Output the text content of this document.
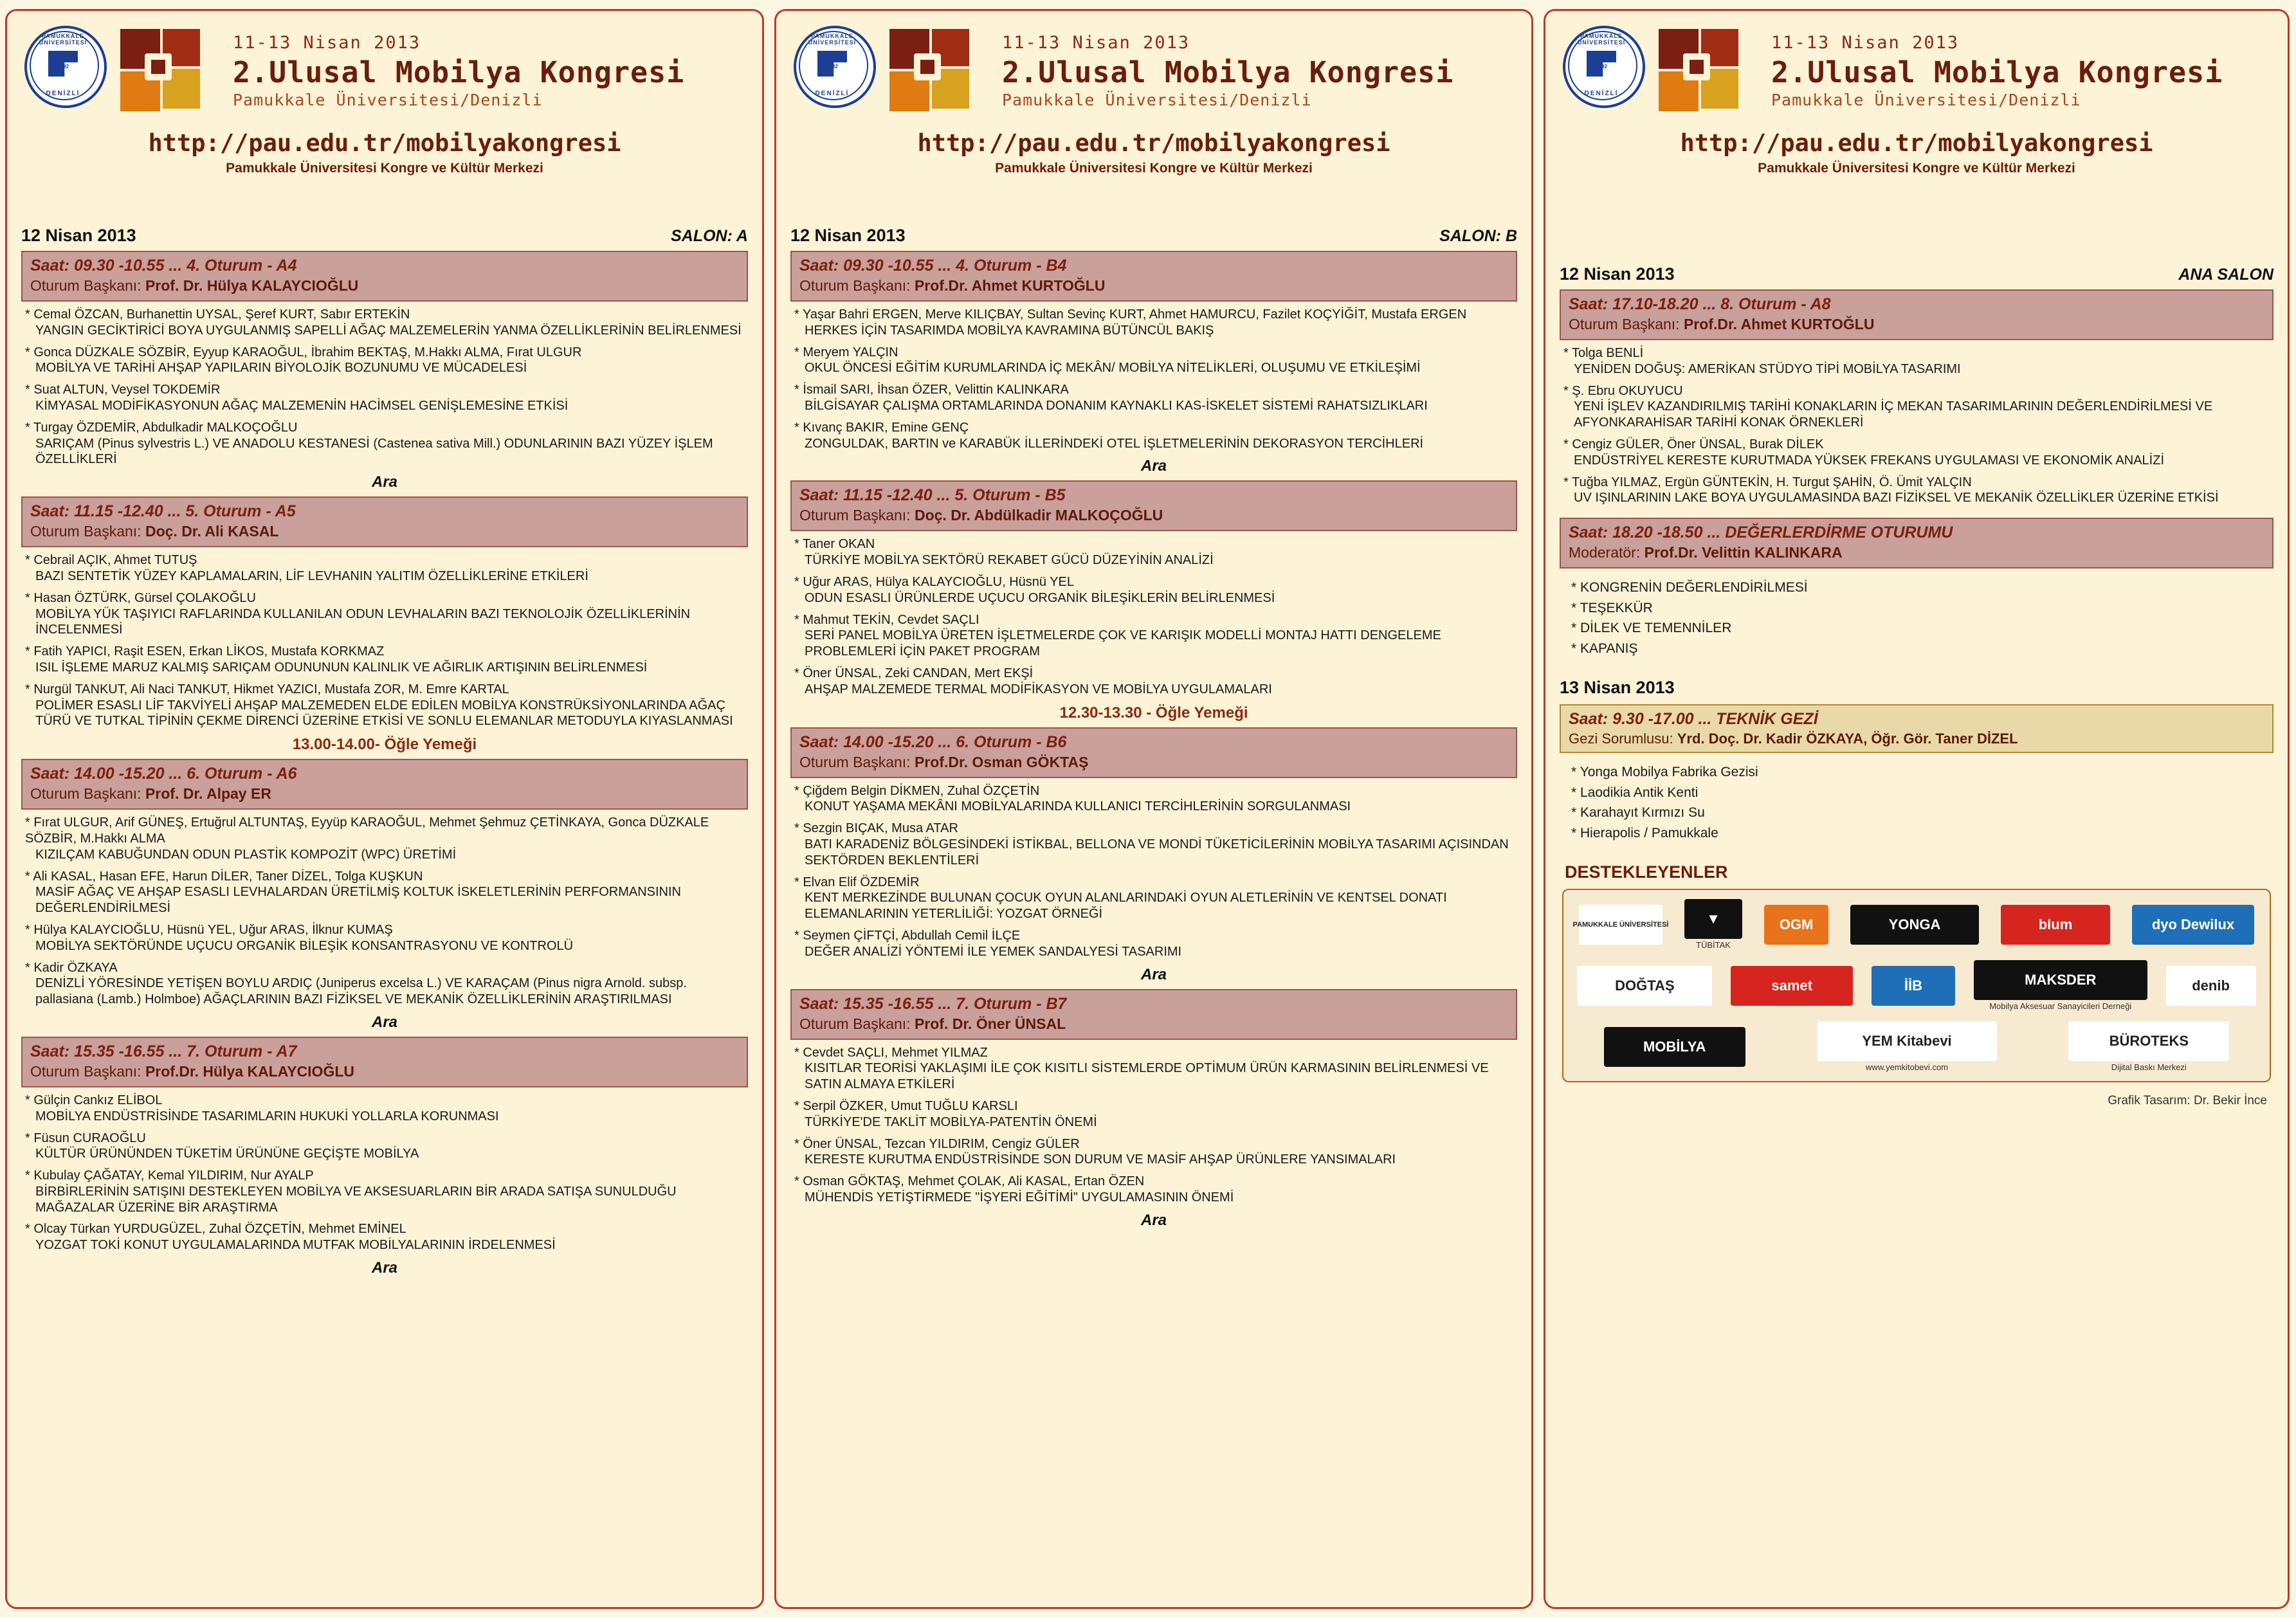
PAMUKKALE ÜNİVERSİTESİ
1992
DENİZLİ
11-13 Nisan 2013
2.Ulusal Mobilya Kongresi
Pamukkale Üniversitesi/Denizli
http://pau.edu.tr/mobilyakongresi
Pamukkale Üniversitesi Kongre ve Kültür Merkezi
12 Nisan 2013	SALON: A
Saat: 09.30 -10.55 ... 4. Oturum - A4
Oturum Başkanı: Prof. Dr. Hülya KALAYCIOĞLU
* Cemal ÖZCAN, Burhanettin UYSAL, Şeref KURT, Sabır ERTEKİN
YANGIN GECİKTİRİCİ BOYA UYGULANMIŞ SAPELLİ AĞAÇ MALZEMELERİN YANMA ÖZELLİKLERİNİN BELİRLENMESİ
* Gonca DÜZKALE SÖZBİR, Eyyup KARAOĞUL, İbrahim BEKTAŞ, M.Hakkı ALMA, Fırat ULGUR
MOBİLYA VE TARİHİ AHŞAP YAPILARIN BİYOLOJİK BOZUNUMU VE MÜCADELESİ
* Suat ALTUN, Veysel TOKDEMİR
KİMYASAL MODİFİKASYONUN AĞAÇ MALZEMENİN HACİMSEL GENİŞLEMESİNE ETKİSİ
* Turgay ÖZDEMİR, Abdulkadir MALKOÇOĞLU
SARIÇAM (Pinus sylvestris L.) VE ANADOLU KESTANESİ (Castenea sativa Mill.) ODUNLARININ BAZI YÜZEY İŞLEM ÖZELLİKLERİ
Ara
Saat: 11.15 -12.40 ... 5. Oturum - A5
Oturum Başkanı: Doç. Dr. Ali KASAL
* Cebrail AÇIK, Ahmet TUTUŞ
BAZI SENTETİK YÜZEY KAPLAMALARIN, LİF LEVHANIN YALITIM ÖZELLİKLERİNE ETKİLERİ
* Hasan ÖZTÜRK, Gürsel ÇOLAKOĞLU
MOBİLYA YÜK TAŞIYICI RAFLARINDA KULLANILAN ODUN LEVHALARIN BAZI TEKNOLOJİK ÖZELLİKLERİNİN İNCELENMESİ
* Fatih YAPICI, Raşit ESEN, Erkan LİKOS, Mustafa KORKMAZ
ISIL İŞLEME MARUZ KALMIŞ SARIÇAM ODUNUNUN KALINLIK VE AĞIRLIK ARTIŞININ BELİRLENMESİ
* Nurgül TANKUT, Ali Naci TANKUT, Hikmet YAZICI, Mustafa ZOR, M. Emre KARTAL
POLİMER ESASLI LİF TAKVİYELİ AHŞAP MALZEMEDEN ELDE EDİLEN MOBİLYA KONSTRÜKSİYONLARINDA AĞAÇ TÜRÜ VE TUTKAL TİPİNİN ÇEKME DİRENCİ ÜZERİNE ETKİSİ VE SONLU ELEMANLAR METODUYLA KIYASLANMASI
13.00-14.00- Öğle Yemeği
Saat: 14.00 -15.20 ... 6. Oturum - A6
Oturum Başkanı: Prof. Dr. Alpay ER
* Fırat ULGUR, Arif GÜNEŞ, Ertuğrul ALTUNTAŞ, Eyyüp KARAOĞUL, Mehmet Şehmuz ÇETİNKAYA, Gonca DÜZKALE SÖZBİR, M.Hakkı ALMA
KIZILÇAM KABUĞUNDAN ODUN PLASTİK KOMPOZİT (WPC) ÜRETİMİ
* Ali KASAL, Hasan EFE, Harun DİLER, Taner DİZEL, Tolga KUŞKUN
MASİF AĞAÇ VE AHŞAP ESASLI LEVHALARDAN ÜRETİLMİŞ KOLTUK İSKELETLERİNİN PERFORMANSININ DEĞERLENDİRİLMESİ
* Hülya KALAYCIOĞLU, Hüsnü YEL, Uğur ARAS, İlknur KUMAŞ
MOBİLYA SEKTÖRÜNDE UÇUCU ORGANİK BİLEŞİK KONSANTRASYONU VE KONTROLÜ
* Kadir ÖZKAYA
DENİZLİ YÖRESİNDE YETİŞEN BOYLU ARDIÇ (Juniperus excelsa L.) VE KARAÇAM (Pinus nigra Arnold. subsp. pallasiana (Lamb.) Holmboe) AĞAÇLARININ BAZI FİZİKSEL VE MEKANİK ÖZELLİKLERİNİN ARAŞTIRILMASI
Ara
Saat: 15.35 -16.55 ... 7. Oturum - A7
Oturum Başkanı: Prof.Dr. Hülya KALAYCIOĞLU
* Gülçin Cankız ELİBOL
MOBİLYA ENDÜSTRİSİNDE TASARIMLARIN HUKUKİ YOLLARLA KORUNMASI
* Füsun CURAOĞLU
KÜLTÜR ÜRÜNÜNDEN TÜKETİM ÜRÜNÜNE GEÇİŞTE MOBİLYA
* Kubulay ÇAĞATAY, Kemal YILDIRIM, Nur AYALP
BİRBİRLERİNİN SATIŞINI DESTEKLEYEN MOBİLYA VE AKSESUARLARIN BİR ARADA SATIŞA SUNULDUĞU MAĞAZALAR ÜZERİNE BİR ARAŞTIRMA
* Olcay Türkan YURDUGÜZEL, Zuhal ÖZÇETİN, Mehmet EMİNEL
YOZGAT TOKİ KONUT UYGULAMALARINDA MUTFAK MOBİLYALARININ İRDELENMESİ
Ara
PAMUKKALE ÜNİVERSİTESİ
1992
DENİZLİ
11-13 Nisan 2013
2.Ulusal Mobilya Kongresi
Pamukkale Üniversitesi/Denizli
http://pau.edu.tr/mobilyakongresi
Pamukkale Üniversitesi Kongre ve Kültür Merkezi
12 Nisan 2013	SALON: B
Saat: 09.30 -10.55 ... 4. Oturum - B4
Oturum Başkanı: Prof.Dr. Ahmet KURTOĞLU
* Yaşar Bahri ERGEN, Merve KILIÇBAY, Sultan Sevinç KURT, Ahmet HAMURCU, Fazilet KOÇYİĞİT, Mustafa ERGEN
HERKES İÇİN TASARIMDA MOBİLYA KAVRAMINA BÜTÜNCÜL BAKIŞ
* Meryem YALÇIN
OKUL ÖNCESİ EĞİTİM KURUMLARINDA İÇ MEKÂN/ MOBİLYA NİTELİKLERİ, OLUŞUMU VE ETKİLEŞİMİ
* İsmail SARI, İhsan ÖZER, Velittin KALINKARA
BİLGİSAYAR ÇALIŞMA ORTAMLARINDA DONANIM KAYNAKLI KAS-İSKELET SİSTEMİ RAHATSIZLIKLARI
* Kıvanç BAKIR, Emine GENÇ
ZONGULDAK, BARTIN ve KARABÜK İLLERİNDEKİ OTEL İŞLETMELERİNİN DEKORASYON TERCİHLERİ
Ara
Saat: 11.15 -12.40 ... 5. Oturum - B5
Oturum Başkanı: Doç. Dr. Abdülkadir MALKOÇOĞLU
* Taner OKAN
TÜRKİYE MOBİLYA SEKTÖRÜ REKABET GÜCÜ DÜZEYİNİN ANALİZİ
* Uğur ARAS, Hülya KALAYCIOĞLU, Hüsnü YEL
ODUN ESASLI ÜRÜNLERDE UÇUCU ORGANİK BİLEŞİKLERİN BELİRLENMESİ
* Mahmut TEKİN, Cevdet SAÇLI
SERİ PANEL MOBİLYA ÜRETEN İŞLETMELERDE ÇOK VE KARIŞIK MODELLİ MONTAJ HATTI DENGELEME PROBLEMLERİ İÇİN PAKET PROGRAM
* Öner ÜNSAL, Zeki CANDAN, Mert EKŞİ
AHŞAP MALZEMEDE TERMAL MODİFİKASYON VE MOBİLYA UYGULAMALARI
12.30-13.30 - Öğle Yemeği
Saat: 14.00 -15.20 ... 6. Oturum - B6
Oturum Başkanı: Prof.Dr. Osman GÖKTAŞ
* Çiğdem Belgin DİKMEN, Zuhal ÖZÇETİN
KONUT YAŞAMA MEKÂNI MOBİLYALARINDA KULLANICI TERCİHLERİNİN SORGULANMASI
* Sezgin BIÇAK, Musa ATAR
BATI KARADENİZ BÖLGESİNDEKİ İSTİKBAL, BELLONA VE MONDİ TÜKETİCİLERİNİN MOBİLYA TASARIMI AÇISINDAN SEKTÖRDEN BEKLENTİLERİ
* Elvan Elif ÖZDEMİR
KENT MERKEZİNDE BULUNAN ÇOCUK OYUN ALANLARINDAKİ OYUN ALETLERİNİN VE KENTSEL DONATI ELEMANLARININ YETERLİLİĞİ: YOZGAT ÖRNEĞİ
* Seymen ÇİFTÇİ, Abdullah Cemil İLÇE
DEĞER ANALİZİ YÖNTEMİ İLE YEMEK SANDALYESİ TASARIMI
Ara
Saat: 15.35 -16.55 ... 7. Oturum - B7
Oturum Başkanı: Prof. Dr. Öner ÜNSAL
* Cevdet SAÇLI, Mehmet YILMAZ
KISITLAR TEORİSİ YAKLAŞIMI İLE ÇOK KISITLI SİSTEMLERDE OPTİMUM ÜRÜN KARMASININ BELİRLENMESİ VE SATIN ALMAYA ETKİLERİ
* Serpil ÖZKER, Umut TUĞLU KARSLI
TÜRKİYE'DE TAKLİT MOBİLYA-PATENTİN ÖNEMİ
* Öner ÜNSAL, Tezcan YILDIRIM, Cengiz GÜLER
KERESTE KURUTMA ENDÜSTRİSİNDE SON DURUM VE MASİF AHŞAP ÜRÜNLERE YANSIMALARI
* Osman GÖKTAŞ, Mehmet ÇOLAK, Ali KASAL, Ertan ÖZEN
MÜHENDİS YETİŞTİRMEDE "İŞYERİ EĞİTİMİ" UYGULAMASININ ÖNEMİ
Ara
PAMUKKALE ÜNİVERSİTESİ
1992
DENİZLİ
11-13 Nisan 2013
2.Ulusal Mobilya Kongresi
Pamukkale Üniversitesi/Denizli
http://pau.edu.tr/mobilyakongresi
Pamukkale Üniversitesi Kongre ve Kültür Merkezi
12 Nisan 2013	ANA SALON
Saat: 17.10-18.20 ... 8. Oturum - A8
Oturum Başkanı: Prof.Dr. Ahmet KURTOĞLU
* Tolga BENLİ
YENİDEN DOĞUŞ: AMERİKAN STÜDYO TİPİ MOBİLYA TASARIMI
* Ş. Ebru OKUYUCU
YENİ İŞLEV KAZANDIRILMIŞ TARİHİ KONAKLARIN İÇ MEKAN TASARIMLARININ DEĞERLENDİRİLMESİ VE AFYONKARAHİSAR TARİHİ KONAK ÖRNEKLERİ
* Cengiz GÜLER, Öner ÜNSAL, Burak DİLEK
ENDÜSTRİYEL KERESTE KURUTMADA YÜKSEK FREKANS UYGULAMASI VE EKONOMİK ANALİZİ
* Tuğba YILMAZ, Ergün GÜNTEKİN, H. Turgut ŞAHİN, Ö. Ümit YALÇIN
UV IŞINLARININ LAKE BOYA UYGULAMASINDA BAZI FİZİKSEL VE MEKANİK ÖZELLİKLER ÜZERİNE ETKİSİ
Saat: 18.20 -18.50 ... DEĞERLERDİRME OTURUMU
Moderatör: Prof.Dr. Velittin KALINKARA
* KONGRENİN DEĞERLENDİRİLMESİ
* TEŞEKKÜR
* DİLEK VE TEMENNİLER
* KAPANIŞ
13 Nisan 2013
Saat: 9.30 -17.00 ... TEKNİK GEZİ
Gezi Sorumlusu: Yrd. Doç. Dr. Kadir ÖZKAYA, Öğr. Gör. Taner DİZEL
* Yonga Mobilya Fabrika Gezisi
* Laodikia Antik Kenti
* Karahayıt Kırmızı Su
* Hierapolis / Pamukkale
DESTEKLEYENLER
PAMUKKALE ÜNİVERSİTESİ	▼
TÜBİTAK
OGM	YONGA	blum	dyo Dewilux
DOĞTAŞ	samet	İİB	MAKSDER
Mobilya Aksesuar Sanayicileri Derneği
denib
MOBİLYA	YEM Kitabevi
www.yemkitobevi.com
BÜROTEKS
Dijital Baskı Merkezi
Grafik Tasarım: Dr. Bekir İnce
